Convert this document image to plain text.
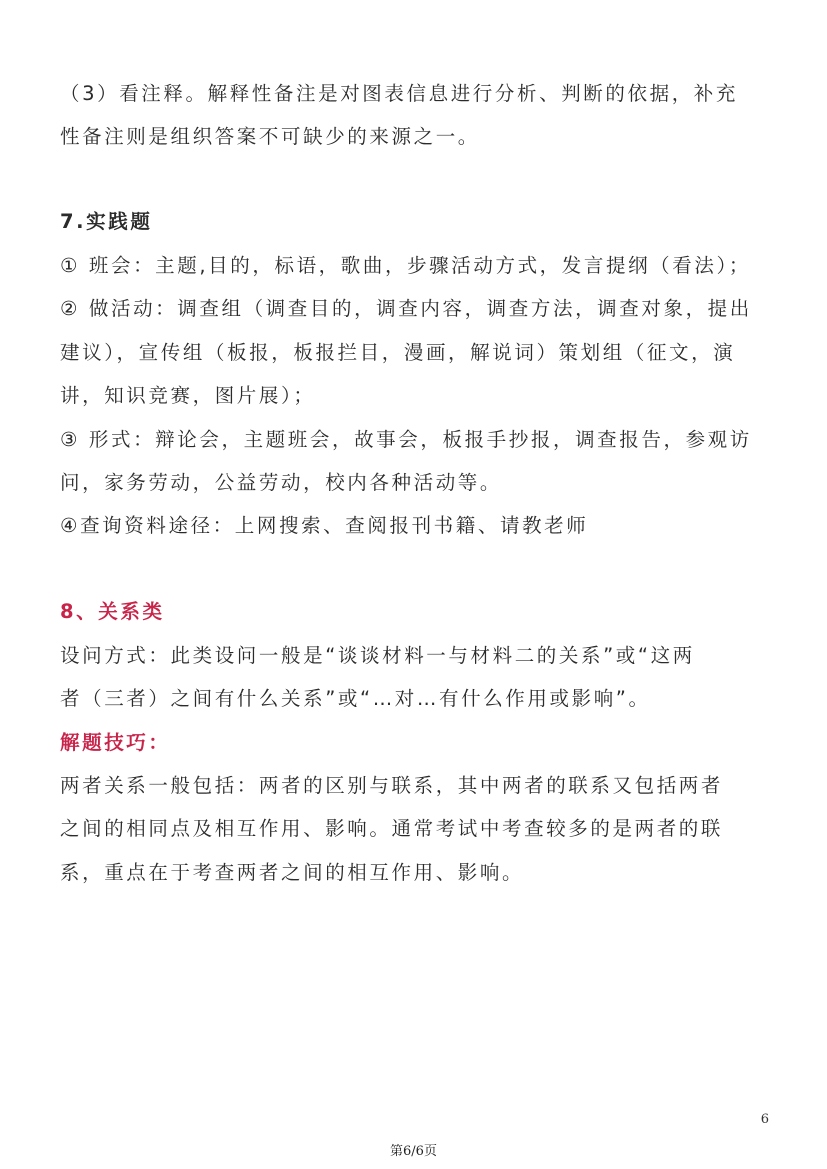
（3）看注释。解释性备注是对图表信息进行分析、判断的依据，补充
性备注则是组织答案不可缺少的来源之一。
7.实践题
① 班会：主题,目的，标语，歌曲，步骤活动方式，发言提纲（看法）；
② 做活动：调查组（调查目的，调查内容，调查方法，调查对象，提出
建议），宣传组（板报，板报拦目，漫画，解说词）策划组（征文，演
讲，知识竞赛，图片展）；
③ 形式：辩论会，主题班会，故事会，板报手抄报，调查报告，参观访
问，家务劳动，公益劳动，校内各种活动等。
④查询资料途径：上网搜索、查阅报刊书籍、请教老师
8、关系类
设问方式：此类设问一般是“谈谈材料一与材料二的关系”或“这两
者（三者）之间有什么关系”或“…对…有什么作用或影响”。
解题技巧：
两者关系一般包括：两者的区别与联系，其中两者的联系又包括两者
之间的相同点及相互作用、影响。通常考试中考查较多的是两者的联
系，重点在于考查两者之间的相互作用、影响。
6
第6/6页
